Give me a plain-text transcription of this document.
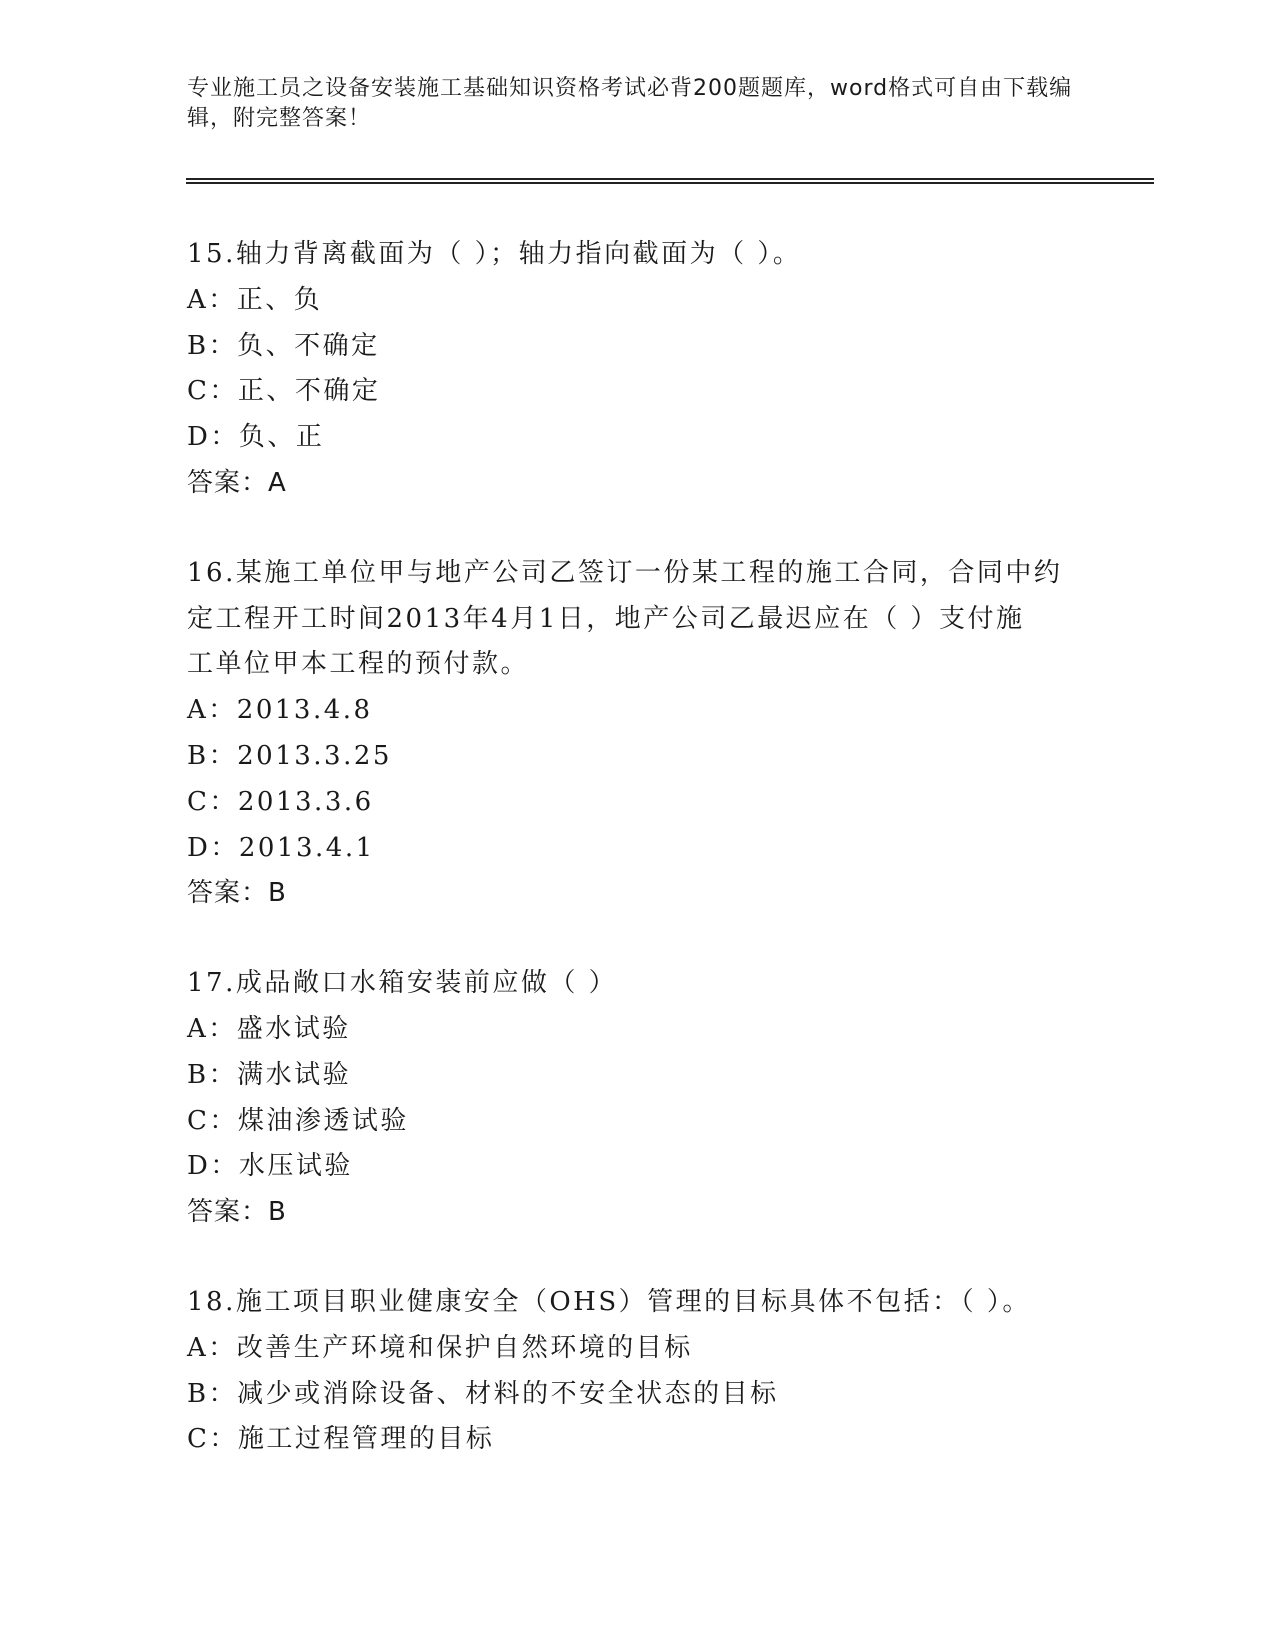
专业施工员之设备安装施工基础知识资格考试必背200题题库，word格式可自由下载编辑，附完整答案！
15.轴力背离截面为（ ）；轴力指向截面为（ ）。
A：正、负
B：负、不确定
C：正、不确定
D：负、正
答案：A
16.某施工单位甲与地产公司乙签订一份某工程的施工合同，合同中约
定工程开工时间2013年4月1日，地产公司乙最迟应在（ ）支付施
工单位甲本工程的预付款。
A：2013.4.8
B：2013.3.25
C：2013.3.6
D：2013.4.1
答案：B
17.成品敞口水箱安装前应做（ ）
A：盛水试验
B：满水试验
C：煤油渗透试验
D：水压试验
答案：B
18.施工项目职业健康安全（OHS）管理的目标具体不包括：（ ）。
A：改善生产环境和保护自然环境的目标
B：减少或消除设备、材料的不安全状态的目标
C：施工过程管理的目标
